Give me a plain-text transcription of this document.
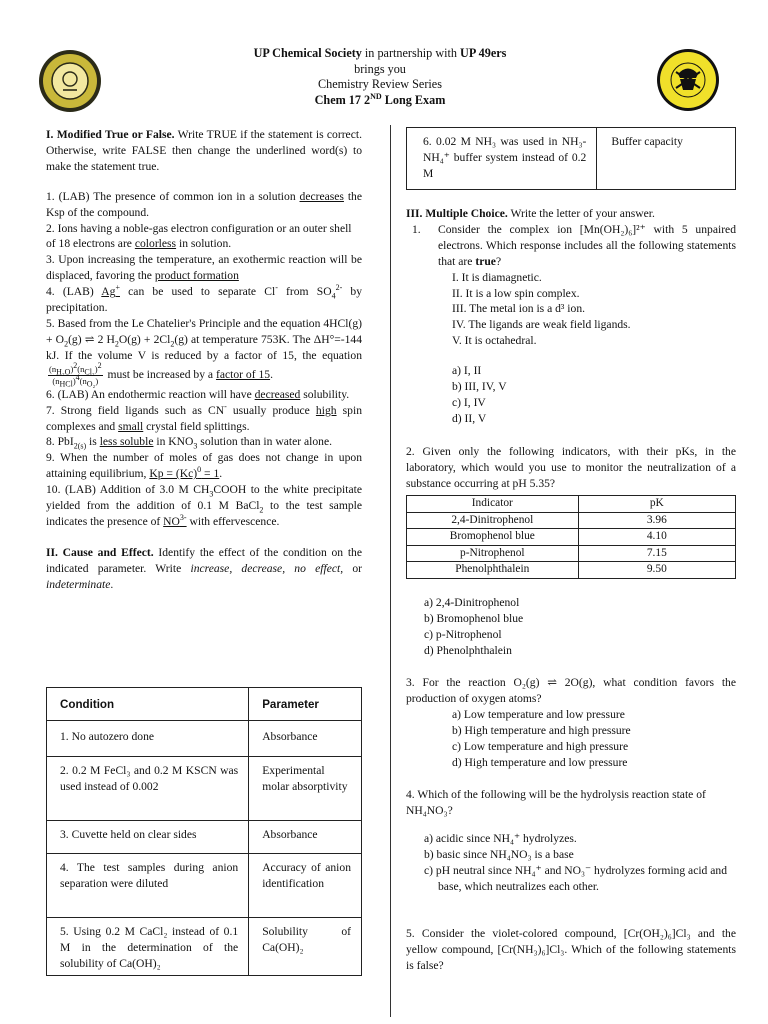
UP Chemical Society in partnership with UP 49ers
brings you
Chemistry Review Series
Chem 17 2ND Long Exam

I. Modified True or False. Write TRUE if the statement is correct. Otherwise, write FALSE then change the underlined word(s) to make the statement true.

1. (LAB) The presence of common ion in a solution decreases the Ksp of the compound.

2. Ions having a noble-gas electron configuration or an outer shell of 18 electrons are colorless in solution.

3. Upon increasing the temperature, an exothermic reaction will be displaced, favoring the product formation

4. (LAB) Ag+ can be used to separate Cl- from $SO_4^{2-}$ by precipitation.

5. Based from the Le Chatelier's Principle and the equation $4HCl(g) + O_2(g)$ ⇌ 2 $H_2O(g) + 2Cl_2(g)$ at temperature 753K. The ΔH°=-144 kJ. If the volume V is reduced by a factor of 15, the equation
$(n_{H_2O})^2(n_{Cl_2})^2$
$(n_{HCl})^4(n_{O_2})$ must be increased by a factor of 15.

6. (LAB) An endothermic reaction will have decreased solubility.

7. Strong field ligands such as CN- usually produce high spin complexes and small crystal field splittings.

8. PbI$_{2(s)}$ is less soluble in $KNO_3$ solution than in water alone.

9. When the number of moles of gas does not change in upon attaining equilibrium, $Kp = (Kc)^0 = 1$.

10. (LAB) Addition of 3.0 M $CH_3COOH$ to the white precipitate yielded from the addition of 0.1 M BaCl$_2$ to the test sample indicates the presence of $NO^{3-}$ with effervescence.

II. Cause and Effect. Identify the effect of the condition on the indicated parameter. Write increase, decrease, no effect, or indeterminate.

Condition	Parameter
1. No autozero done	Absorbance
2. 0.2 M FeCl₃ and 0.2 M KSCN was used instead of 0.002	Experimental molar absorptivity
3. Cuvette held on clear sides	Absorbance
4. The test samples during anion separation were diluted	Accuracy of anion identification
5. Using 0.2 M CaCl₂ instead of 0.1 M in the determination of the solubility of Ca(OH)₂	Solubility of Ca(OH)₂
6. 0.02 M NH₃ was used in NH₃-NH₄⁺ buffer system instead of 0.2 M	Buffer capacity

III. Multiple Choice. Write the letter of your answer.

1.	Consider the complex ion [Mn(OH₂)₆]²⁺ with 5 unpaired electrons. Which response includes all the following statements that are true?

I. It is diamagnetic.

II. It is a low spin complex.

III. The metal ion is a d³ ion.

IV. The ligands are weak field ligands.

V. It is octahedral.

a) I, II

b) III, IV, V

c) I, IV

d) II, V

2. Given only the following indicators, with their pKs, in the laboratory, which would you use to monitor the neutralization of a substance occurring at pH 5.35?

Indicator	pK
2,4-Dinitrophenol	3.96
Bromophenol blue	4.10
p-Nitrophenol	7.15
Phenolphthalein	9.50

a) 2,4-Dinitrophenol

b) Bromophenol blue

c) p-Nitrophenol

d) Phenolphthalein

3. For the reaction O₂(g) ⇌ 2O(g), what condition favors the production of oxygen atoms?

a) Low temperature and low pressure

b) High temperature and high pressure

c) Low temperature and high pressure

d) High temperature and low pressure

4. Which of the following will be the hydrolysis reaction state of NH₄NO₃?

a) acidic since NH₄⁺ hydrolyzes.

b) basic since NH₄NO₃ is a base

c) pH neutral since NH₄⁺ and NO₃⁻ hydrolyzes forming acid and base, which neutralizes each other.

5. Consider the violet-colored compound, [Cr(OH₂)₆]Cl₃ and the yellow compound, [Cr(NH₃)₆]Cl₃. Which of the following statements is false?
